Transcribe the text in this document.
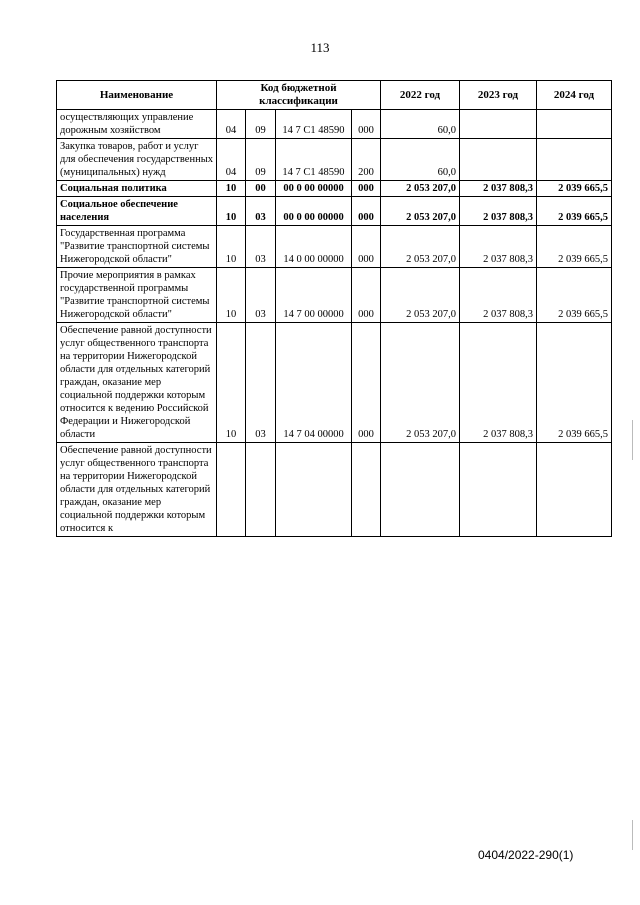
113
Наименование	Код бюджетной классификации				2022 год	2023 год	2024 год
осуществляющих управление дорожным хозяйством	04	09	14 7 С1 48590	000	60,0		
Закупка товаров, работ и услуг для обеспечения государственных (муниципальных) нужд	04	09	14 7 С1 48590	200	60,0		
Социальная политика	10	00	00 0 00 00000	000	2 053 207,0	2 037 808,3	2 039 665,5
Социальное обеспечение населения	10	03	00 0 00 00000	000	2 053 207,0	2 037 808,3	2 039 665,5
Государственная программа "Развитие транспортной системы Нижегородской области"	10	03	14 0 00 00000	000	2 053 207,0	2 037 808,3	2 039 665,5
Прочие мероприятия в рамках государственной программы "Развитие транспортной системы Нижегородской области"	10	03	14 7 00 00000	000	2 053 207,0	2 037 808,3	2 039 665,5
Обеспечение равной доступности услуг общественного транспорта на территории Нижегородской области для отдельных категорий граждан, оказание мер социальной поддержки которым относится к ведению Российской Федерации и Нижегородской области	10	03	14 7 04 00000	000	2 053 207,0	2 037 808,3	2 039 665,5
Обеспечение равной доступности услуг общественного транспорта на территории Нижегородской области для отдельных категорий граждан, оказание мер социальной поддержки которым относится к							
0404/2022-290(1)
